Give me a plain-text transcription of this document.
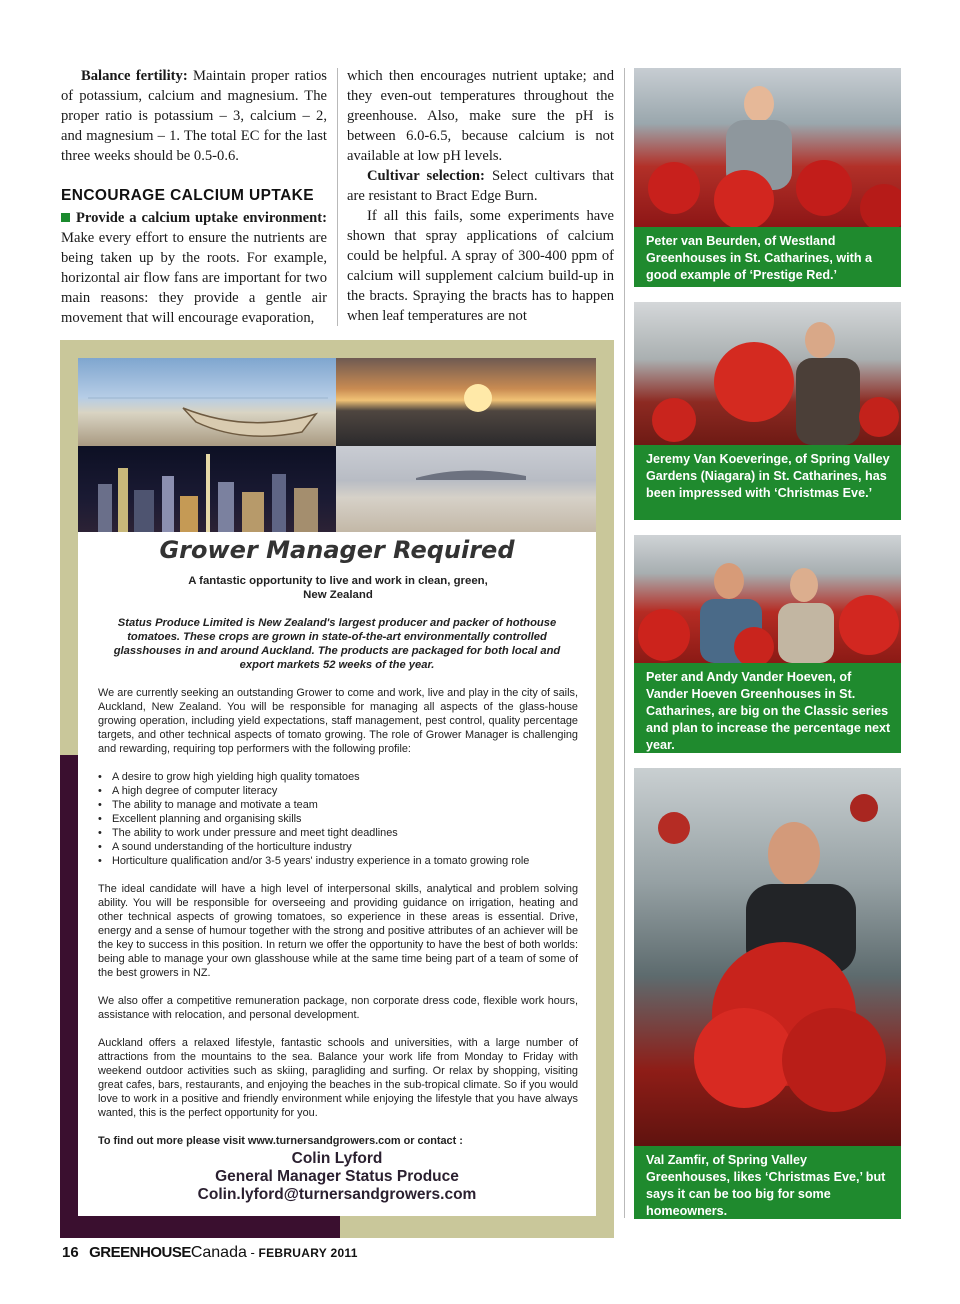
Balance fertility: Maintain proper ratios of potassium, calcium and magnesium. The proper ratio is potassium – 3, calcium – 2, and magnesium – 1. The total EC for the last three weeks should be 0.5-0.6.

ENCOURAGE CALCIUM UPTAKE

Provide a calcium uptake environment: Make every effort to ensure the nutrients are being taken up by the roots. For example, horizontal air flow fans are important for two main reasons: they provide a gentle air movement that will encourage evaporation,

which then encourages nutrient uptake; and they even-out temperatures throughout the greenhouse. Also, make sure the pH is between 6.0-6.5, because calcium is not available at low pH levels.

Cultivar selection: Select cultivars that are resistant to Bract Edge Burn.

If all this fails, some experiments have shown that spray applications of calcium could be helpful. A spray of 300-400 ppm of calcium will supplement calcium build-up in the bracts. Spraying the bracts has to happen when leaf temperatures are not

Grower Manager Required
A fantastic opportunity to live and work in clean, green, New Zealand
Status Produce Limited is New Zealand's largest producer and packer of hothouse tomatoes. These crops are grown in state-of-the-art environmentally controlled glasshouses in and around Auckland. The products are packaged for both local and export markets 52 weeks of the year.

We are currently seeking an outstanding Grower to come and work, live and play in the city of sails, Auckland, New Zealand. You will be responsible for managing all aspects of the glass-house growing operation, including yield expectations, staff management, pest control, quality percentage targets, and other technical aspects of tomato growing. The role of Grower Manager is challenging and rewarding, requiring top performers with the following profile:

• A desire to grow high yielding high quality tomatoes
• A high degree of computer literacy
• The ability to manage and motivate a team
• Excellent planning and organising skills
• The ability to work under pressure and meet tight deadlines
• A sound understanding of the horticulture industry
• Horticulture qualification and/or 3-5 years' industry experience in a tomato growing role

The ideal candidate will have a high level of interpersonal skills, analytical and problem solving ability. You will be responsible for overseeing and providing guidance on irrigation, heating and other technical aspects of growing tomatoes, so experience in these areas is essential. Drive, energy and a sense of humour together with the strong and positive attributes of an achiever will be the key to success in this position. In return we offer the opportunity to have the best of both worlds: being able to manage your own glasshouse while at the same time being part of a team of some of the best growers in NZ.

We also offer a competitive remuneration package, non corporate dress code, flexible work hours, assistance with relocation, and personal development.

Auckland offers a relaxed lifestyle, fantastic schools and universities, with a large number of attractions from the mountains to the sea. Balance your work life from Monday to Friday with weekend outdoor activities such as skiing, paragliding and surfing. Or relax by shopping, visiting great cafes, bars, restaurants, and enjoying the beaches in the sub-tropical climate. So if you would love to work in a positive and friendly environment while enjoying the lifestyle that you have always wanted, this is the perfect opportunity for you.

To find out more please visit www.turnersandgrowers.com or contact :

Colin Lyford
General Manager Status Produce
Colin.lyford@turnersandgrowers.com
Peter van Beurden, of Westland Greenhouses in St. Catharines, with a good example of ‘Prestige Red.’
Jeremy Van Koeveringe, of Spring Valley Gardens (Niagara) in St. Catharines, has been impressed with ‘Christmas Eve.’
Peter and Andy Vander Hoeven, of Vander Hoeven Greenhouses in St. Catharines, are big on the Classic series and plan to increase the percentage next year.
Val Zamfir, of Spring Valley Greenhouses, likes ‘Christmas Eve,’ but says it can be too big for some homeowners.
16 GREENHOUSECanada - FEBRUARY 2011
